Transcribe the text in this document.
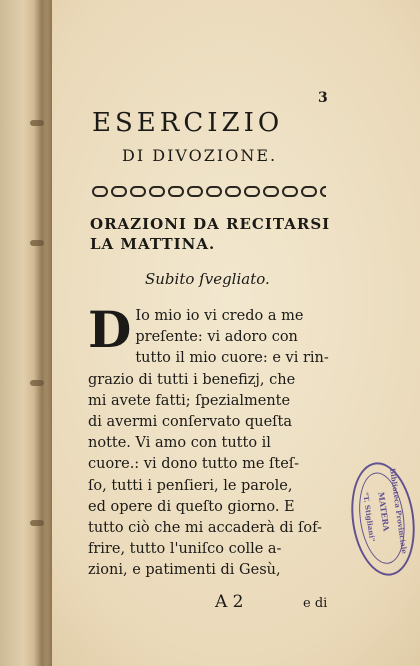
3
ESERCIZIO
DI DIVOZIONE.
ORAZIONI DA RECITARSI
LA MATTINA.
Subito ſvegliato.
D Io mio io vi credo a me
preſente: vi adoro con
tutto il mio cuore: e vi rin-
grazio di tutti i benefizj, che
mi avete fatti; ſpezialmente
di avermi conſervato queſta
notte. Vi amo con tutto il
cuore.: vi dono tutto me ſteſ-
ſo, tutti i penſieri, le parole,
ed opere di queſto giorno. E
tutto ciò che mi accaderà di ſof-
frire, tutto l'uniſco colle a-
zioni, e patimenti di Gesù,
A 2	e di
Biblioteca Provinciale
MATERA
"T. Stigliani"
